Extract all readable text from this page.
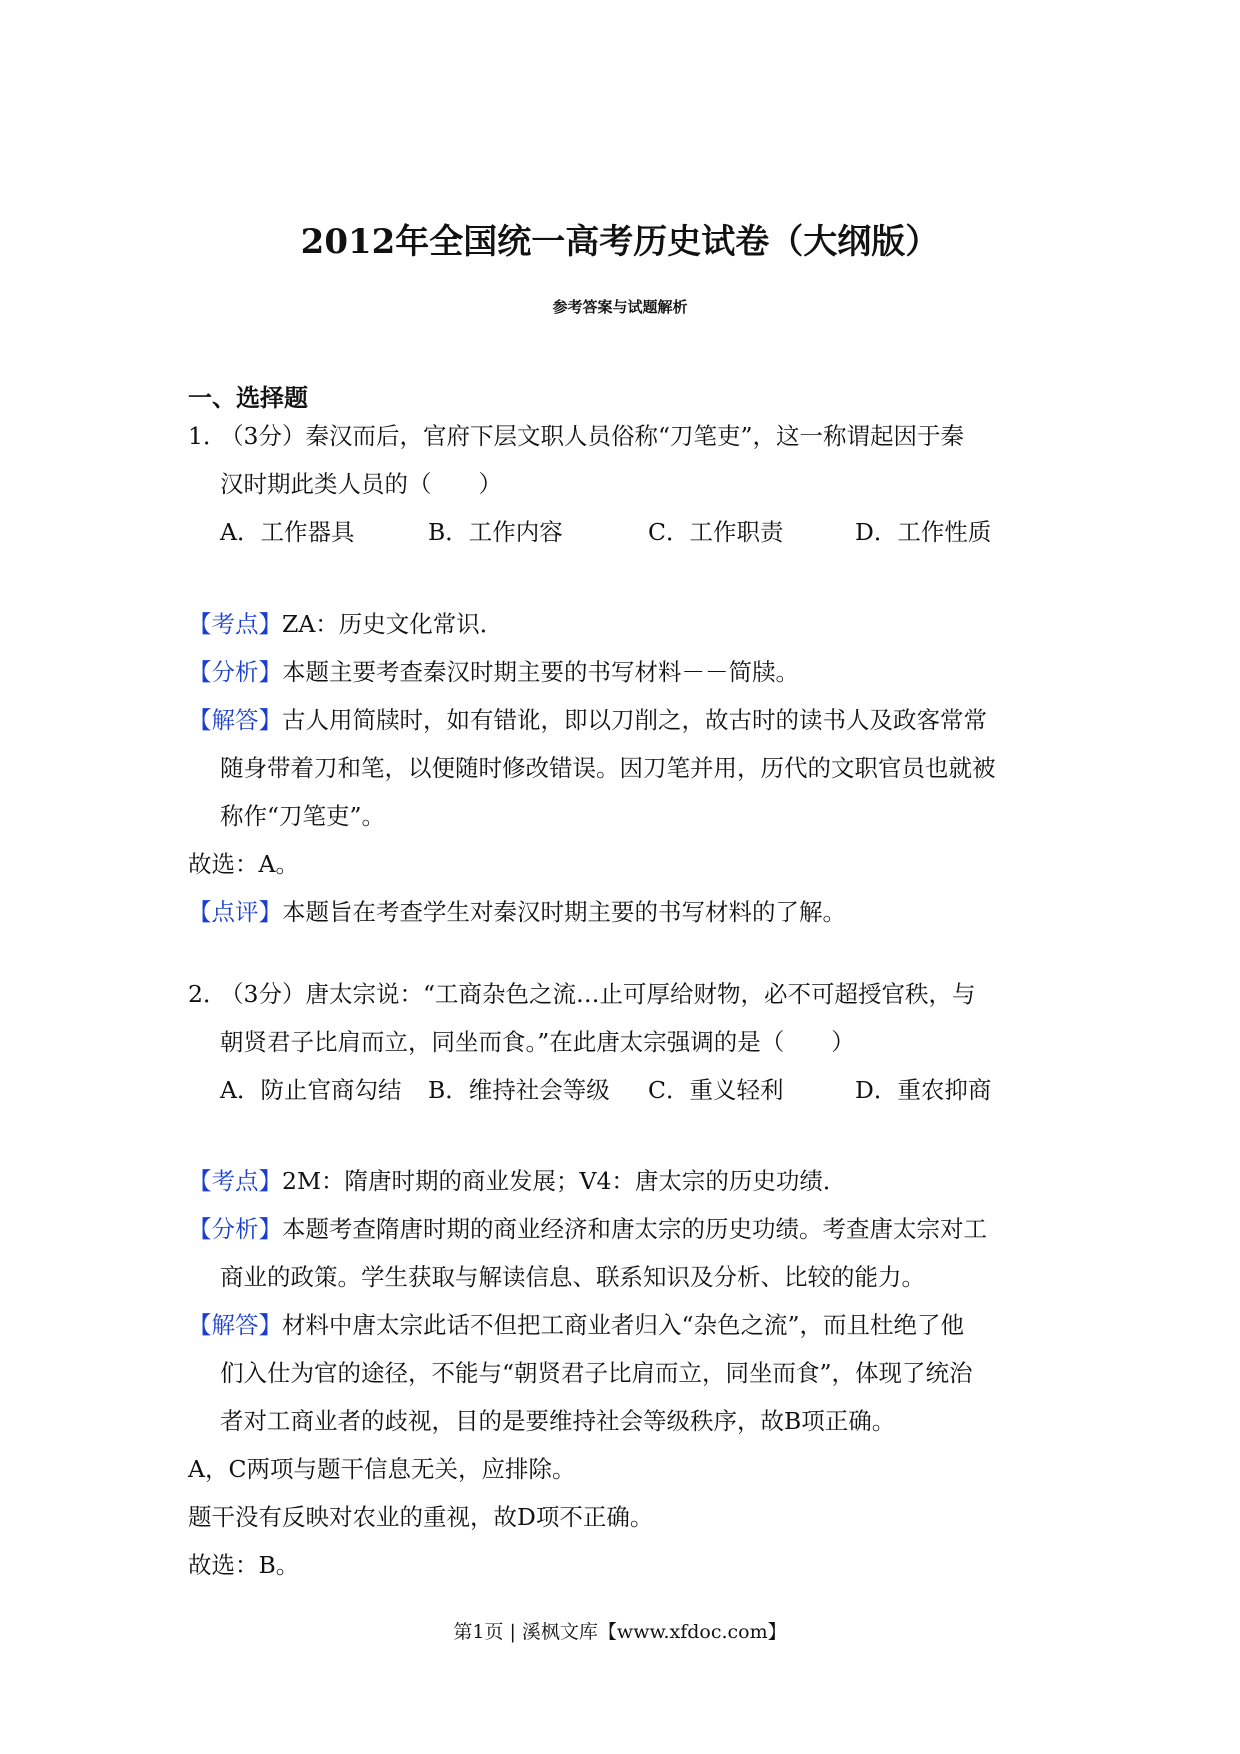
2012年全国统一高考历史试卷（大纲版）
参考答案与试题解析
一、选择题
1．（3分）秦汉而后，官府下层文职人员俗称“刀笔吏”，这一称谓起因于秦
汉时期此类人员的（　　）
A．工作器具	B．工作内容	C．工作职责	D．工作性质
【考点】ZA：历史文化常识．
【分析】本题主要考查秦汉时期主要的书写材料－－简牍。
【解答】古人用简牍时，如有错讹，即以刀削之，故古时的读书人及政客常常
随身带着刀和笔，以便随时修改错误。因刀笔并用，历代的文职官员也就被
称作“刀笔吏”。
故选：A。
【点评】本题旨在考查学生对秦汉时期主要的书写材料的了解。
2．（3分）唐太宗说：“工商杂色之流…止可厚给财物，必不可超授官秩，与
朝贤君子比肩而立，同坐而食。”在此唐太宗强调的是（　　）
A．防止官商勾结 B．维持社会等级 C．重义轻利	D．重农抑商
【考点】2M：隋唐时期的商业发展；V4：唐太宗的历史功绩．
【分析】本题考查隋唐时期的商业经济和唐太宗的历史功绩。考查唐太宗对工
商业的政策。学生获取与解读信息、联系知识及分析、比较的能力。
【解答】材料中唐太宗此话不但把工商业者归入“杂色之流”，而且杜绝了他
们入仕为官的途径，不能与“朝贤君子比肩而立，同坐而食”，体现了统治
者对工商业者的歧视，目的是要维持社会等级秩序，故B项正确。
A，C两项与题干信息无关，应排除。
题干没有反映对农业的重视，故D项不正确。
故选：B。
第1页 | 溪枫文库【www.xfdoc.com】
